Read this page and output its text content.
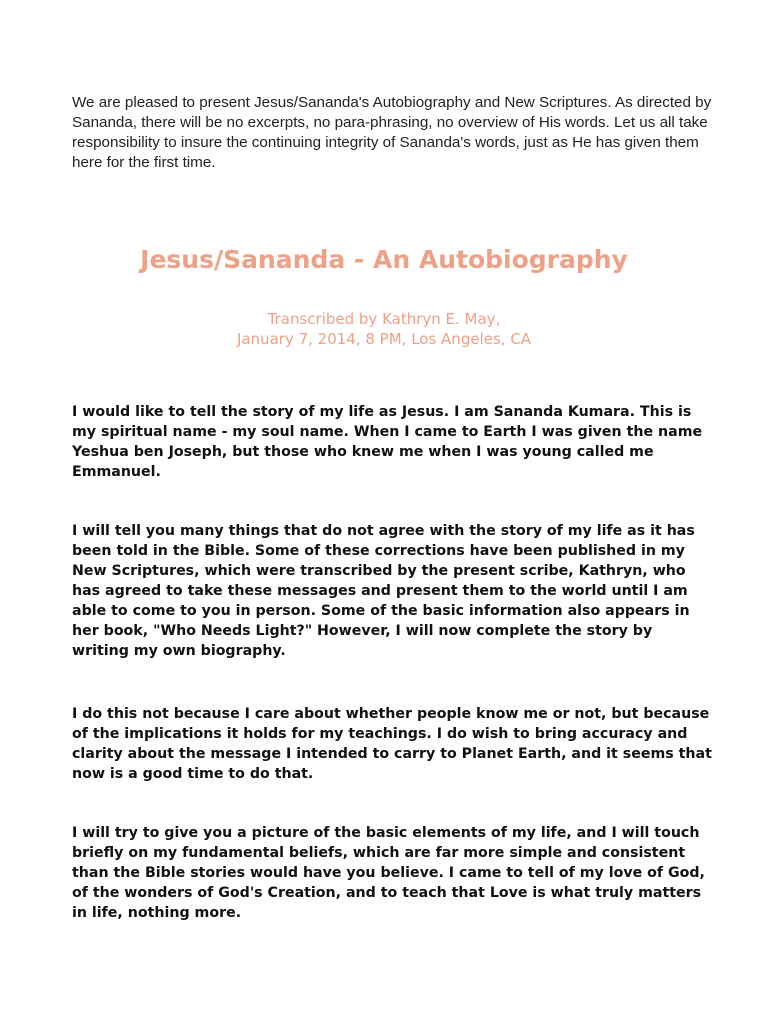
We are pleased to present Jesus/Sananda's Autobiography and New Scriptures. As directed by Sananda, there will be no excerpts, no para-phrasing, no overview of His words. Let us all take responsibility to insure the continuing integrity of Sananda's words, just as He has given them here for the first time.

Jesus/Sananda - An Autobiography
Transcribed by Kathryn E. May,
January 7, 2014, 8 PM, Los Angeles, CA

I would like to tell the story of my life as Jesus. I am Sananda Kumara. This is my spiritual name - my soul name. When I came to Earth I was given the name Yeshua ben Joseph, but those who knew me when I was young called me Emmanuel.

I will tell you many things that do not agree with the story of my life as it has been told in the Bible. Some of these corrections have been published in my New Scriptures, which were transcribed by the present scribe, Kathryn, who has agreed to take these messages and present them to the world until I am able to come to you in person. Some of the basic information also appears in her book, "Who Needs Light?" However, I will now complete the story by writing my own biography.

I do this not because I care about whether people know me or not, but because of the implications it holds for my teachings. I do wish to bring accuracy and clarity about the message I intended to carry to Planet Earth, and it seems that now is a good time to do that.

I will try to give you a picture of the basic elements of my life, and I will touch briefly on my fundamental beliefs, which are far more simple and consistent than the Bible stories would have you believe. I came to tell of my love of God, of the wonders of God's Creation, and to teach that Love is what truly matters in life, nothing more.
